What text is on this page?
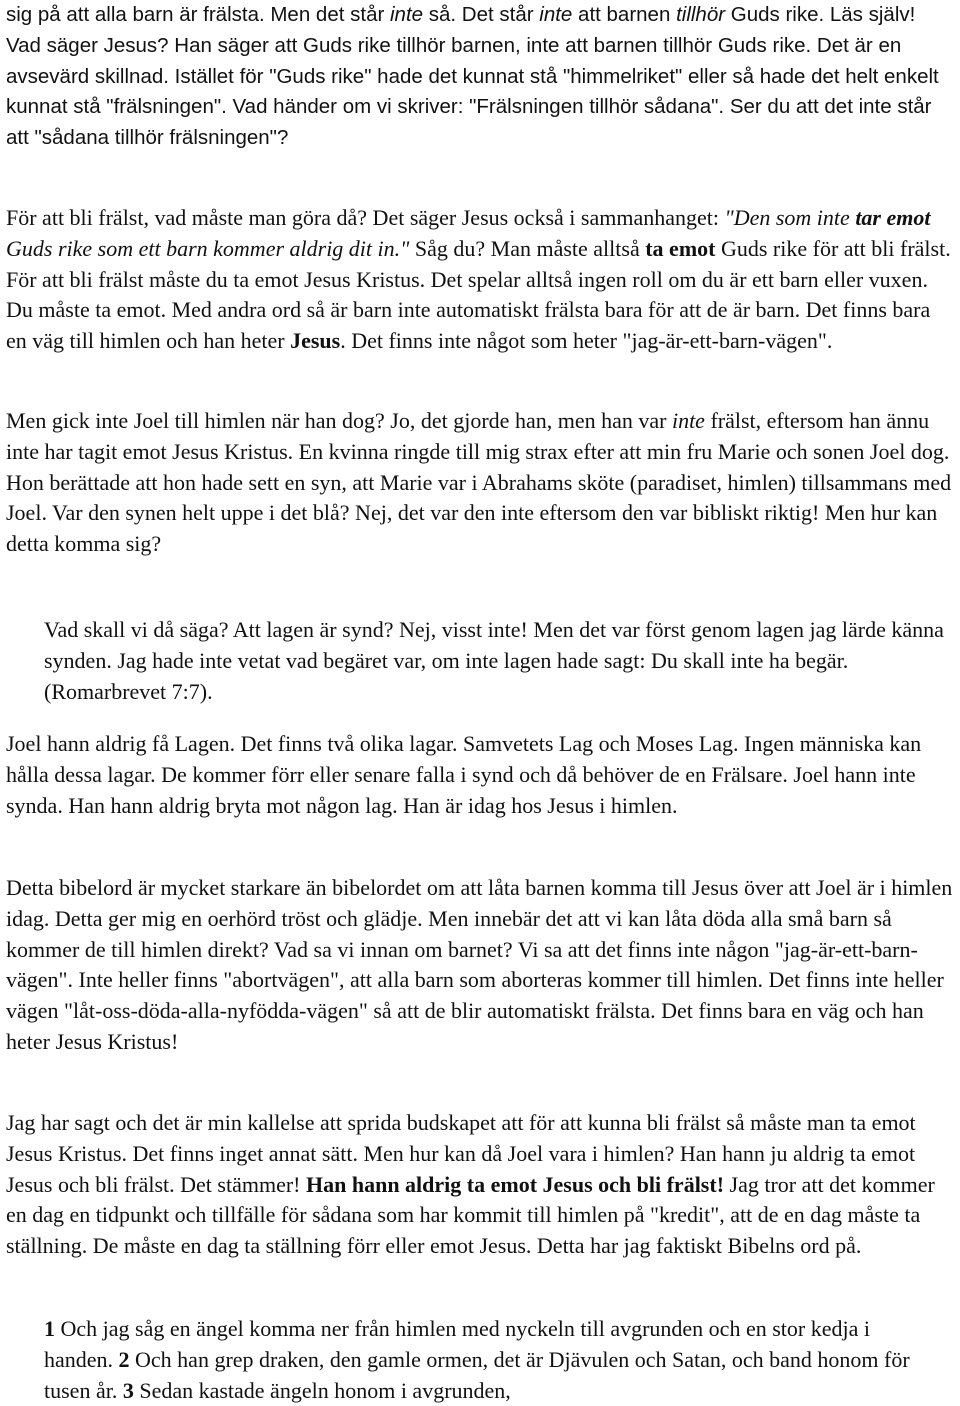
sig på att alla barn är frälsta. Men det står inte så. Det står inte att barnen tillhör Guds rike. Läs själv! Vad säger Jesus? Han säger att Guds rike tillhör barnen, inte att barnen tillhör Guds rike. Det är en avsevärd skillnad. Istället för "Guds rike" hade det kunnat stå "himmelriket" eller så hade det helt enkelt kunnat stå "frälsningen". Vad händer om vi skriver: "Frälsningen tillhör sådana". Ser du att det inte står att "sådana tillhör frälsningen"?

För att bli frälst, vad måste man göra då? Det säger Jesus också i sammanhanget: "Den som inte tar emot Guds rike som ett barn kommer aldrig dit in." Såg du? Man måste alltså ta emot Guds rike för att bli frälst. För att bli frälst måste du ta emot Jesus Kristus. Det spelar alltså ingen roll om du är ett barn eller vuxen. Du måste ta emot. Med andra ord så är barn inte automatiskt frälsta bara för att de är barn. Det finns bara en väg till himlen och han heter Jesus. Det finns inte något som heter "jag-är-ett-barn-vägen".

Men gick inte Joel till himlen när han dog? Jo, det gjorde han, men han var inte frälst, eftersom han ännu inte har tagit emot Jesus Kristus. En kvinna ringde till mig strax efter att min fru Marie och sonen Joel dog. Hon berättade att hon hade sett en syn, att Marie var i Abrahams sköte (paradiset, himlen) tillsammans med Joel. Var den synen helt uppe i det blå? Nej, det var den inte eftersom den var bibliskt riktig! Men hur kan detta komma sig?

Vad skall vi då säga? Att lagen är synd? Nej, visst inte! Men det var först genom lagen jag lärde känna synden. Jag hade inte vetat vad begäret var, om inte lagen hade sagt: Du skall inte ha begär. (Romarbrevet 7:7).

Joel hann aldrig få Lagen. Det finns två olika lagar. Samvetets Lag och Moses Lag. Ingen människa kan hålla dessa lagar. De kommer förr eller senare falla i synd och då behöver de en Frälsare. Joel hann inte synda. Han hann aldrig bryta mot någon lag. Han är idag hos Jesus i himlen.

Detta bibelord är mycket starkare än bibelordet om att låta barnen komma till Jesus över att Joel är i himlen idag. Detta ger mig en oerhörd tröst och glädje. Men innebär det att vi kan låta döda alla små barn så kommer de till himlen direkt? Vad sa vi innan om barnet? Vi sa att det finns inte någon "jag-är-ett-barn-vägen". Inte heller finns "abortvägen", att alla barn som aborteras kommer till himlen. Det finns inte heller vägen "låt-oss-döda-alla-nyfödda-vägen" så att de blir automatiskt frälsta. Det finns bara en väg och han heter Jesus Kristus!

Jag har sagt och det är min kallelse att sprida budskapet att för att kunna bli frälst så måste man ta emot Jesus Kristus. Det finns inget annat sätt. Men hur kan då Joel vara i himlen? Han hann ju aldrig ta emot Jesus och bli frälst. Det stämmer! Han hann aldrig ta emot Jesus och bli frälst! Jag tror att det kommer en dag en tidpunkt och tillfälle för sådana som har kommit till himlen på "kredit", att de en dag måste ta ställning. De måste en dag ta ställning förr eller emot Jesus. Detta har jag faktiskt Bibelns ord på.

1 Och jag såg en ängel komma ner från himlen med nyckeln till avgrunden och en stor kedja i handen. 2 Och han grep draken, den gamle ormen, det är Djävulen och Satan, och band honom för tusen år. 3 Sedan kastade ängeln honom i avgrunden,
